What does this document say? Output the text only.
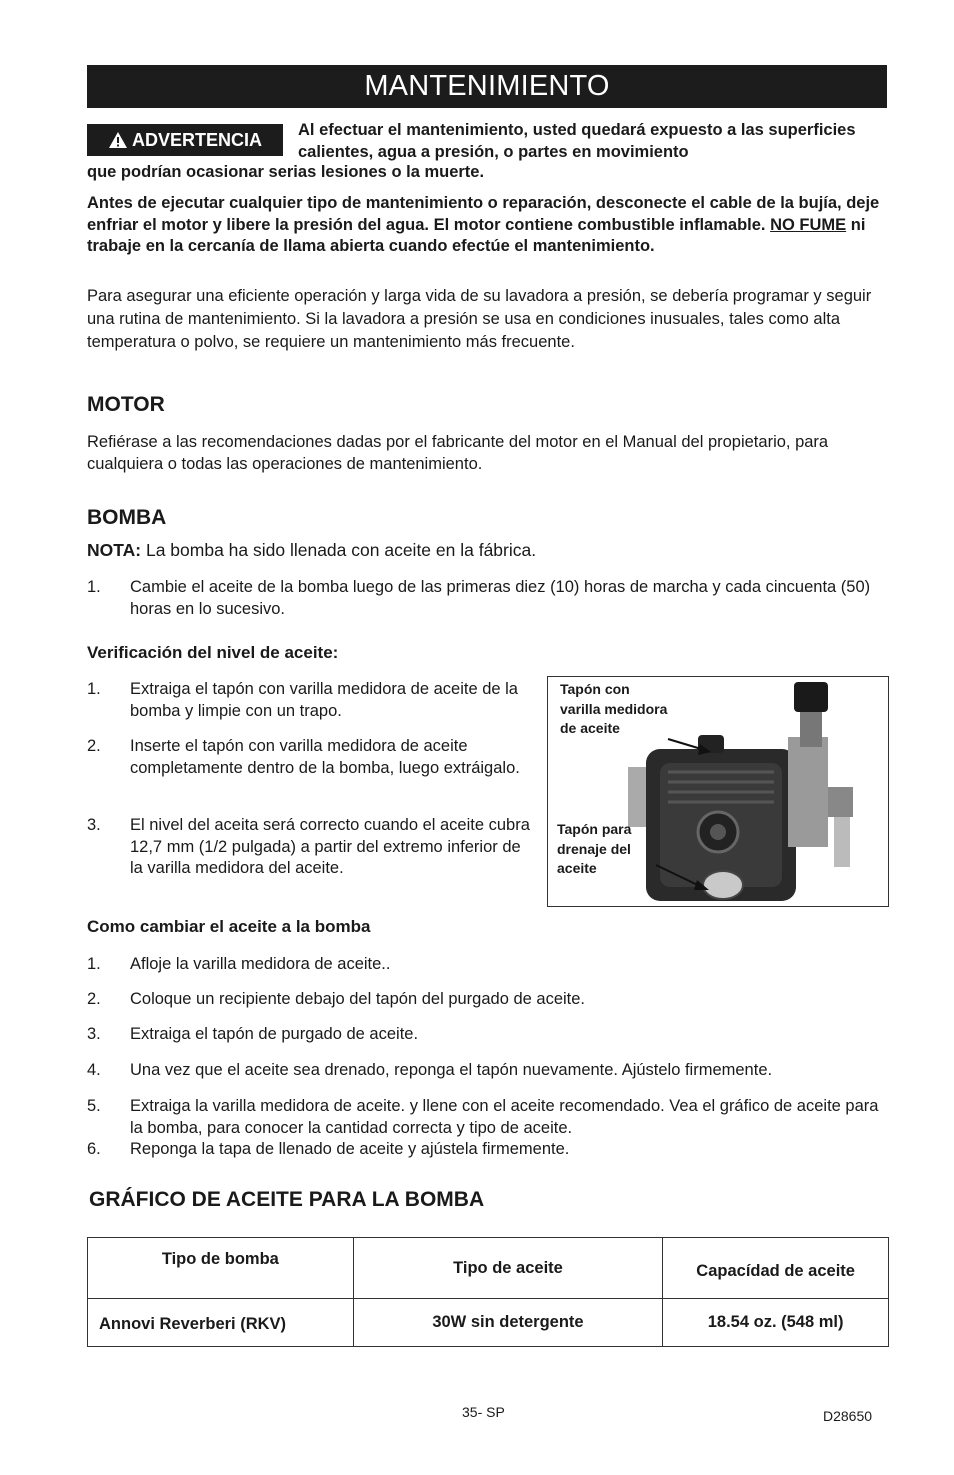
MANTENIMIENTO
ADVERTENCIA Al efectuar el mantenimiento, usted quedará expuesto a las superficies calientes, agua a presión, o partes en movimiento
que podrían ocasionar serias lesiones o la muerte.
Antes de ejecutar cualquier tipo de mantenimiento o reparación, desconecte el cable de la bujía, deje enfriar el motor y libere la presión del agua. El motor contiene combustible inflamable. NO FUME ni trabaje en la cercanía de llama abierta cuando efectúe el mantenimiento.
Para asegurar una eficiente operación y larga vida de su lavadora a presión, se debería programar y seguir una rutina de mantenimiento. Si la lavadora a presión se usa en condiciones inusuales, tales como alta temperatura o polvo, se requiere un mantenimiento más frecuente.
MOTOR
Refiérase a las recomendaciones dadas por el fabricante del motor en el Manual del propietario, para cualquiera o todas las operaciones de mantenimiento.
BOMBA
NOTA: La bomba ha sido llenada con aceite en la fábrica.
1. Cambie el aceite de la bomba luego de las primeras diez (10) horas de marcha y cada cincuenta (50) horas en lo sucesivo.
Verificación del nivel de aceite:
1. Extraiga el tapón con varilla medidora de aceite de la bomba y limpie con un trapo.
2. Inserte el tapón con varilla medidora de aceite completamente dentro de la bomba, luego extráigalo.
3. El nivel del aceita será correcto cuando el aceite cubra 12,7 mm (1/2 pulgada) a partir del extremo inferior de la varilla medidora del aceite.
Tapón con varilla medidora de aceite
Tapón para drenaje del aceite
Como cambiar el aceite a la bomba
1. Afloje la varilla medidora de aceite..
2. Coloque un recipiente debajo del tapón del purgado de aceite.
3. Extraiga el tapón de purgado de aceite.
4. Una vez que el aceite sea drenado, reponga el tapón nuevamente. Ajústelo firmemente.
5. Extraiga la varilla medidora de aceite. y llene con el aceite recomendado. Vea el gráfico de aceite para la bomba, para conocer la cantidad correcta y tipo de aceite.
6. Reponga la tapa de llenado de aceite y ajústela firmemente.
GRÁFICO DE ACEITE PARA LA BOMBA
Tipo de bomba	Tipo de aceite	Capacídad de aceite
Annovi Reverberi (RKV)	30W sin detergente	18.54 oz. (548 ml)
35- SP	D28650
